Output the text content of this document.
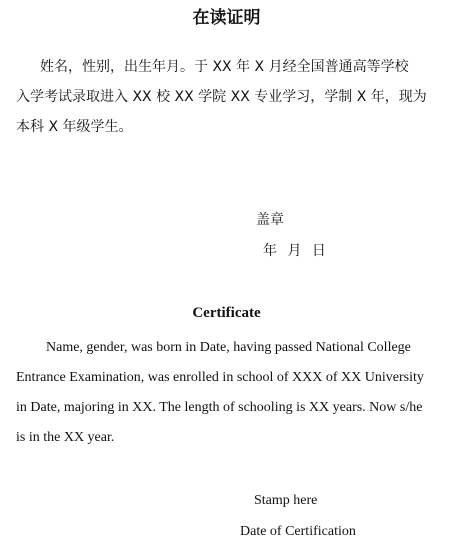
在读证明

姓名，性别，出生年月。于 XX 年 X 月经全国普通高等学校
入学考试录取进入 XX 校 XX 学院 XX 专业学习，学制 X 年，现为
本科 X 年级学生。

盖章

年 月 日

Certificate

Name, gender, was born in Date, having passed National College
Entrance Examination, was enrolled in school of XXX of XX University
in Date, majoring in XX. The length of schooling is XX years. Now s/he
is in the XX year.

Stamp here

Date of Certification
